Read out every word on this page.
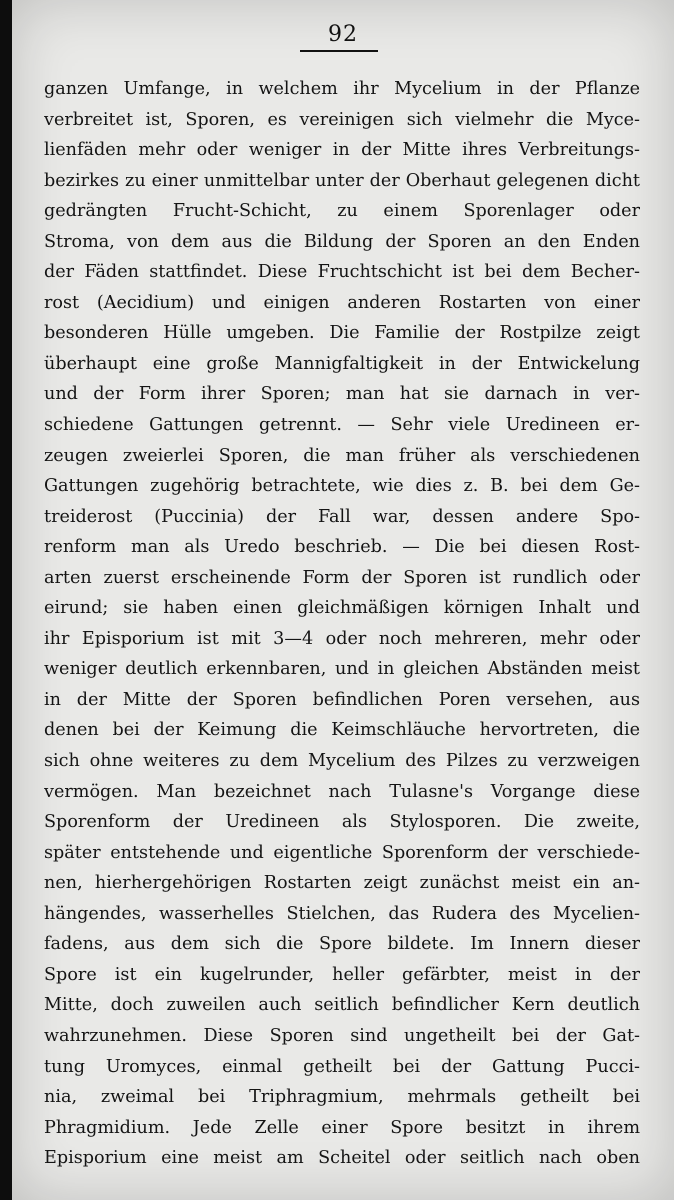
92
ganzen Umfange, in welchem ihr Mycelium in der Pflanze
verbreitet ist, Sporen, es vereinigen sich vielmehr die Myce-
lienfäden mehr oder weniger in der Mitte ihres Verbreitungs-
bezirkes zu einer unmittelbar unter der Oberhaut gelegenen dicht
gedrängten Frucht-Schicht, zu einem Sporenlager oder
Stroma, von dem aus die Bildung der Sporen an den Enden
der Fäden stattfindet. Diese Fruchtschicht ist bei dem Becher-
rost (Aecidium) und einigen anderen Rostarten von einer
besonderen Hülle umgeben. Die Familie der Rostpilze zeigt
überhaupt eine große Mannigfaltigkeit in der Entwickelung
und der Form ihrer Sporen; man hat sie darnach in ver-
schiedene Gattungen getrennt. — Sehr viele Uredineen er-
zeugen zweierlei Sporen, die man früher als verschiedenen
Gattungen zugehörig betrachtete, wie dies z. B. bei dem Ge-
treiderost (Puccinia) der Fall war, dessen andere Spo-
renform man als Uredo beschrieb. — Die bei diesen Rost-
arten zuerst erscheinende Form der Sporen ist rundlich oder
eirund; sie haben einen gleichmäßigen körnigen Inhalt und
ihr Episporium ist mit 3—4 oder noch mehreren, mehr oder
weniger deutlich erkennbaren, und in gleichen Abständen meist
in der Mitte der Sporen befindlichen Poren versehen, aus
denen bei der Keimung die Keimschläuche hervortreten, die
sich ohne weiteres zu dem Mycelium des Pilzes zu verzweigen
vermögen. Man bezeichnet nach Tulasne's Vorgange diese
Sporenform der Uredineen als Stylosporen. Die zweite,
später entstehende und eigentliche Sporenform der verschiede-
nen, hierhergehörigen Rostarten zeigt zunächst meist ein an-
hängendes, wasserhelles Stielchen, das Rudera des Mycelien-
fadens, aus dem sich die Spore bildete. Im Innern dieser
Spore ist ein kugelrunder, heller gefärbter, meist in der
Mitte, doch zuweilen auch seitlich befindlicher Kern deutlich
wahrzunehmen. Diese Sporen sind ungetheilt bei der Gat-
tung Uromyces, einmal getheilt bei der Gattung Pucci-
nia, zweimal bei Triphragmium, mehrmals getheilt bei
Phragmidium. Jede Zelle einer Spore besitzt in ihrem
Episporium eine meist am Scheitel oder seitlich nach oben
